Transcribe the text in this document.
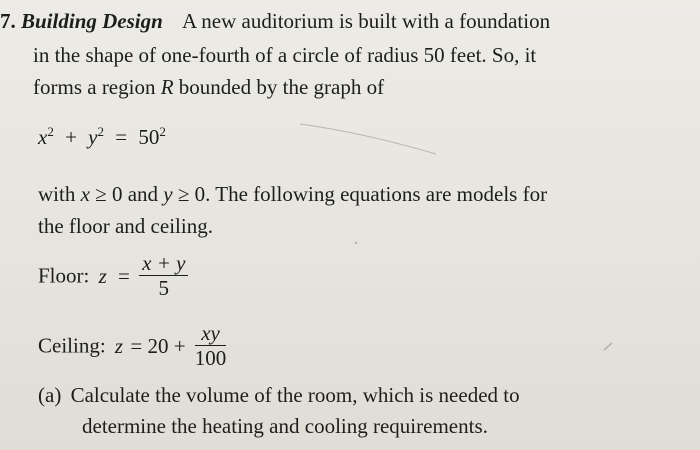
7. Building Design A new auditorium is built with a foundation
in the shape of one-fourth of a circle of radius 50 feet. So, it
forms a region R bounded by the graph of
$x^2 + y^2 = 50^2$
with x ≥ 0 and y ≥ 0. The following equations are models for
the floor and ceiling.
Floor: $z = \frac{x + y}{5}$
Ceiling: $z = 20 + \frac{xy}{100}$
(a) Calculate the volume of the room, which is needed to
determine the heating and cooling requirements.
